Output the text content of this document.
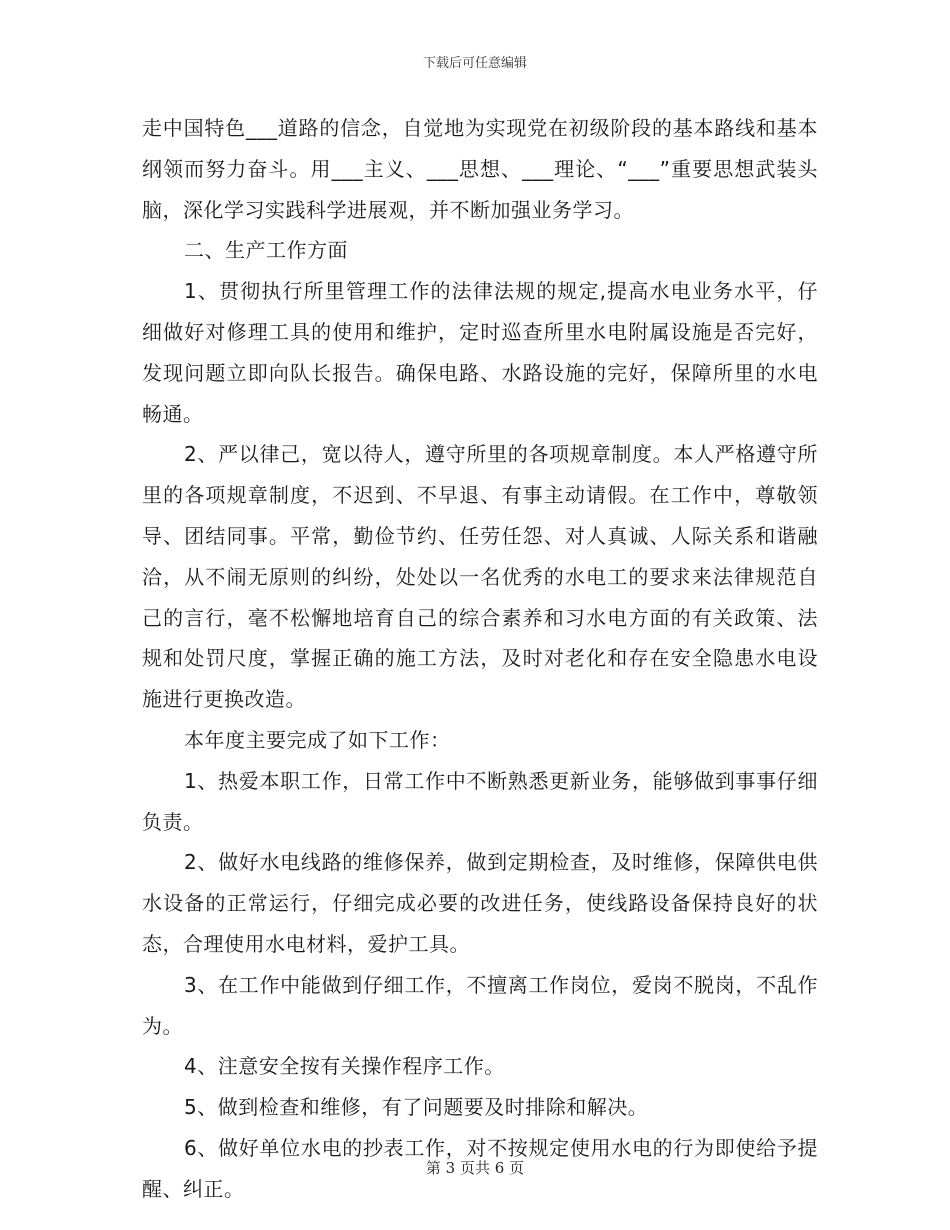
下载后可任意编辑

走中国特色___道路的信念，自觉地为实现党在初级阶段的基本路线和基本纲领而努力奋斗。用___主义、___思想、___理论、“___”重要思想武装头脑，深化学习实践科学进展观，并不断加强业务学习。

二、生产工作方面

1、贯彻执行所里管理工作的法律法规的规定,提高水电业务水平，仔细做好对修理工具的使用和维护，定时巡查所里水电附属设施是否完好，发现问题立即向队长报告。确保电路、水路设施的完好，保障所里的水电畅通。

2、严以律己，宽以待人，遵守所里的各项规章制度。本人严格遵守所里的各项规章制度，不迟到、不早退、有事主动请假。在工作中，尊敬领导、团结同事。平常，勤俭节约、任劳任怨、对人真诚、人际关系和谐融洽，从不闹无原则的纠纷，处处以一名优秀的水电工的要求来法律规范自己的言行，毫不松懈地培育自己的综合素养和习水电方面的有关政策、法规和处罚尺度，掌握正确的施工方法，及时对老化和存在安全隐患水电设施进行更换改造。

本年度主要完成了如下工作：

1、热爱本职工作，日常工作中不断熟悉更新业务，能够做到事事仔细负责。

2、做好水电线路的维修保养，做到定期检查，及时维修，保障供电供水设备的正常运行，仔细完成必要的改进任务，使线路设备保持良好的状态，合理使用水电材料，爱护工具。

3、在工作中能做到仔细工作，不擅离工作岗位，爱岗不脱岗，不乱作为。

4、注意安全按有关操作程序工作。

5、做到检查和维修，有了问题要及时排除和解决。

6、做好单位水电的抄表工作，对不按规定使用水电的行为即使给予提醒、纠正。

第 3 页共 6 页
